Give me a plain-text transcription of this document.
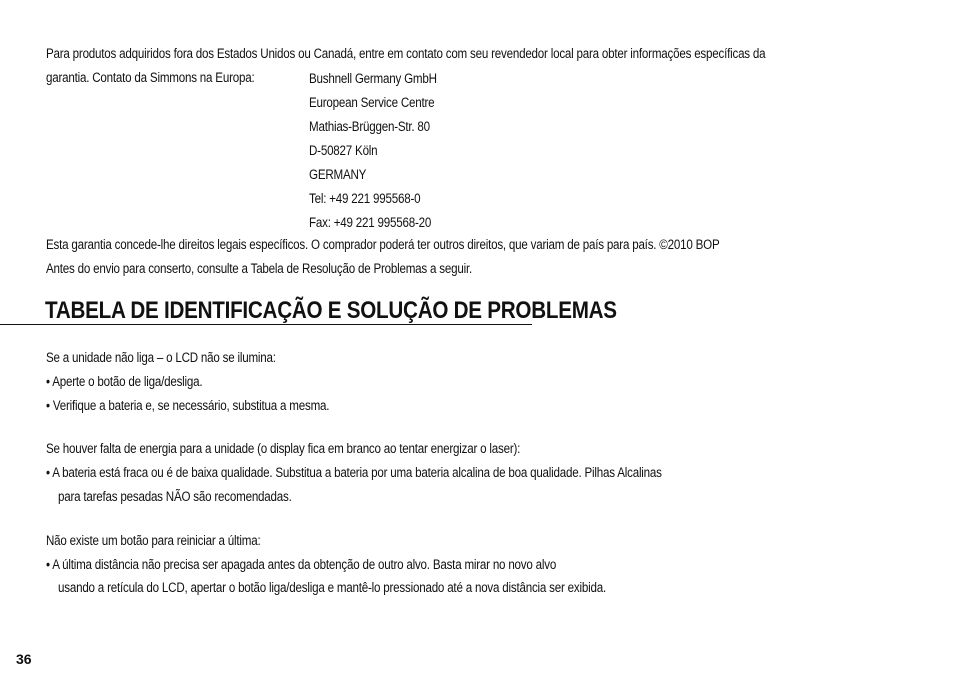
Para produtos adquiridos fora dos Estados Unidos ou Canadá, entre em contato com seu revendedor local para obter informações específicas da
garantia. Contato da Simmons na Europa:	Bushnell Germany GmbH
European Service Centre
Mathias-Brüggen-Str. 80
D-50827 Köln
GERMANY
Tel: +49 221 995568-0
Fax: +49 221 995568-20
Esta garantia concede-lhe direitos legais específicos. O comprador poderá ter outros direitos, que variam de país para país. ©2010 BOP
Antes do envio para conserto, consulte a Tabela de Resolução de Problemas a seguir.
TABELA DE IDENTIFICAÇÃO E SOLUÇÃO DE PROBLEMAS
Se a unidade não liga – o LCD não se ilumina:
• Aperte o botão de liga/desliga.
• Verifique a bateria e, se necessário, substitua a mesma.
Se houver falta de energia para a unidade (o display fica em branco ao tentar energizar o laser):
• A bateria está fraca ou é de baixa qualidade. Substitua a bateria por uma bateria alcalina de boa qualidade. Pilhas Alcalinas
para tarefas pesadas NÃO são recomendadas.
Não existe um botão para reiniciar a última:
• A última distância não precisa ser apagada antes da obtenção de outro alvo. Basta mirar no novo alvo
usando a retícula do LCD, apertar o botão liga/desliga e mantê-lo pressionado até a nova distância ser exibida.
36
